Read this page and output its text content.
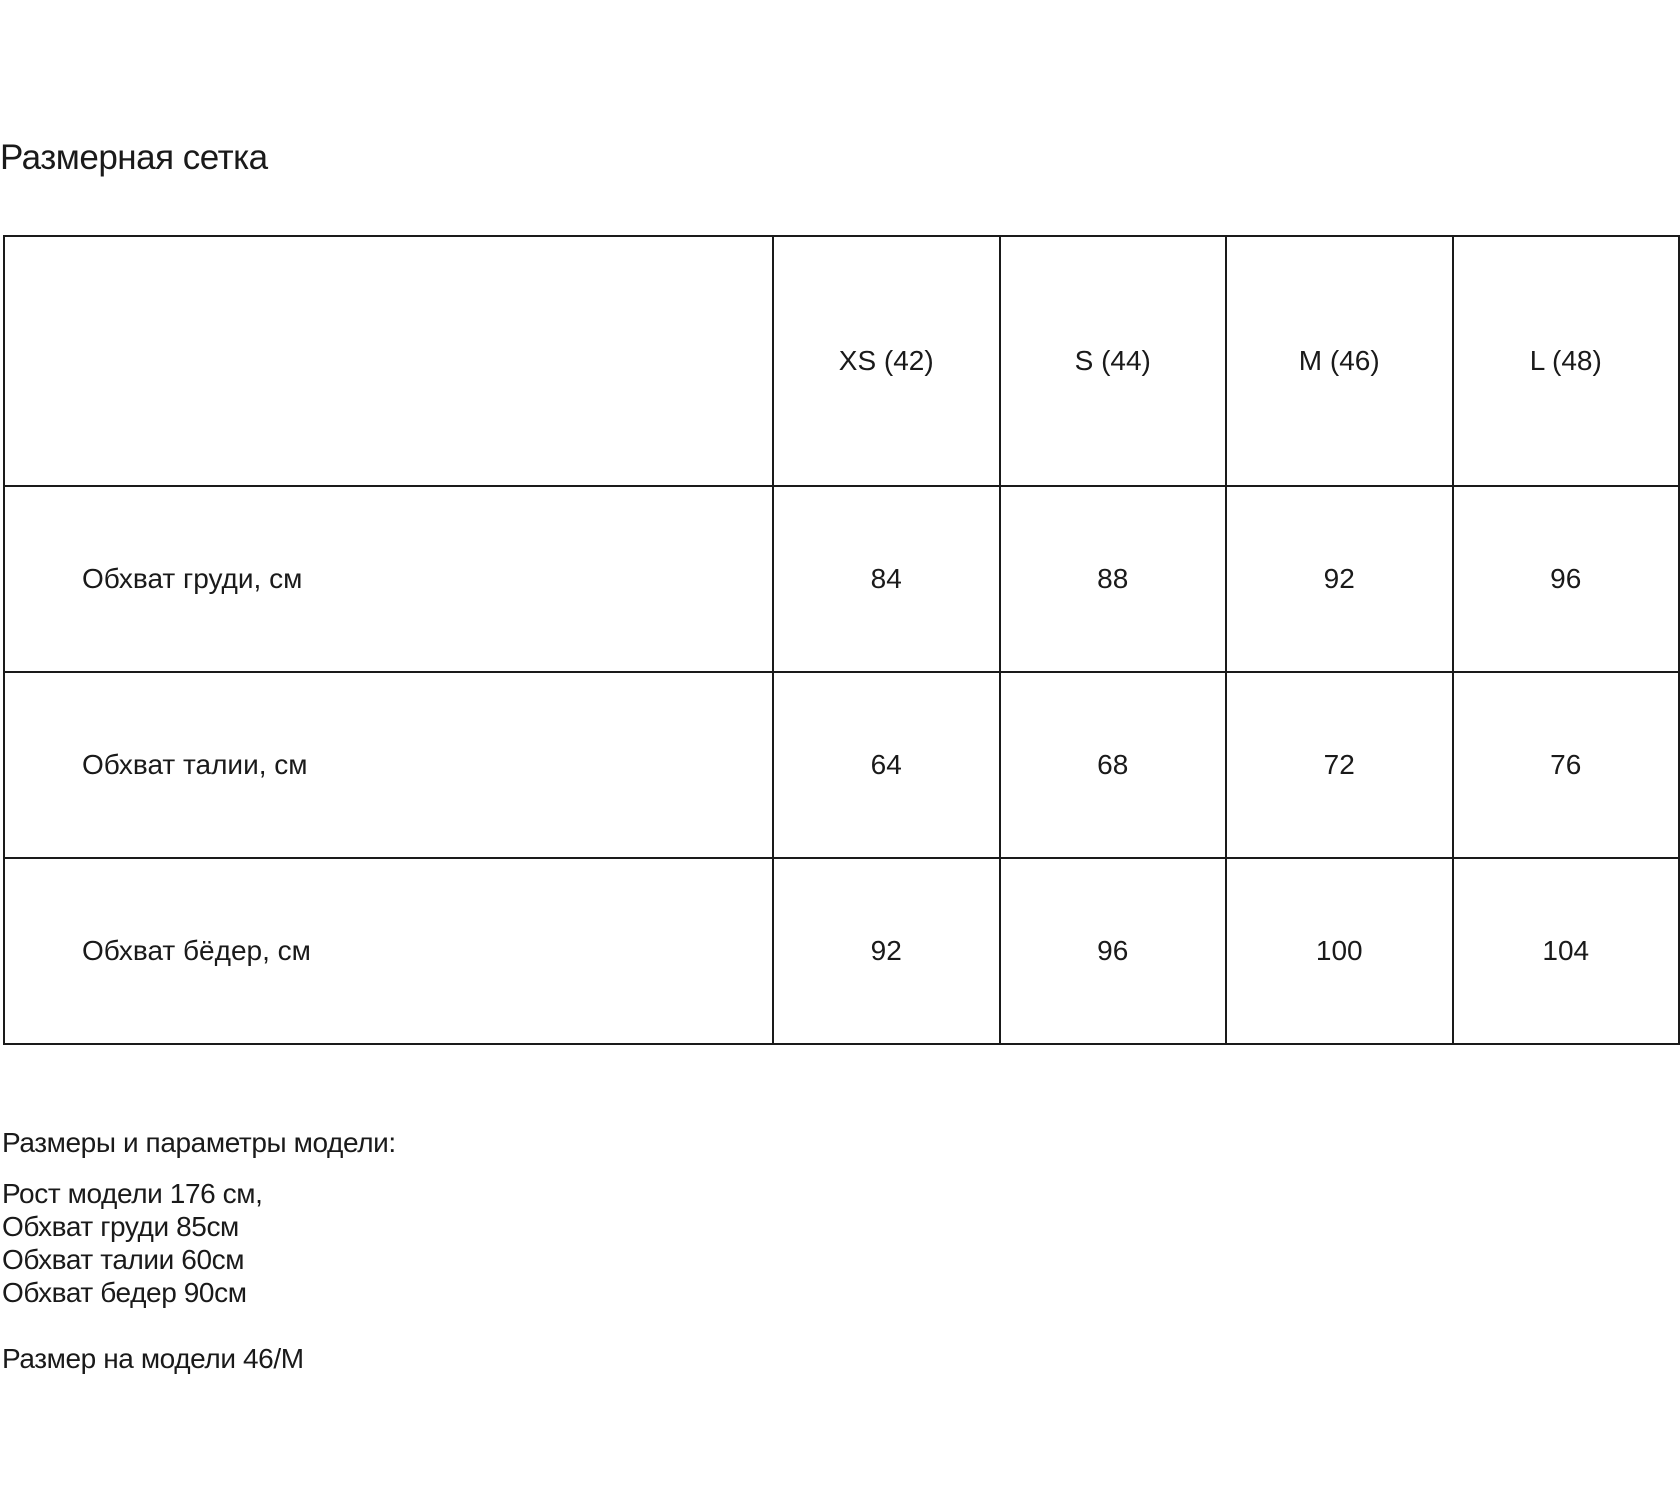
Размерная сетка
	XS (42)	S (44)	M (46)	L (48)
Обхват груди, см	84	88	92	96
Обхват талии, см	64	68	72	76
Обхват бёдер, см	92	96	100	104
Размеры и параметры модели:
Рост модели 176 см,
Обхват груди 85см
Обхват талии 60см
Обхват бедер 90см
Размер на модели 46/M
